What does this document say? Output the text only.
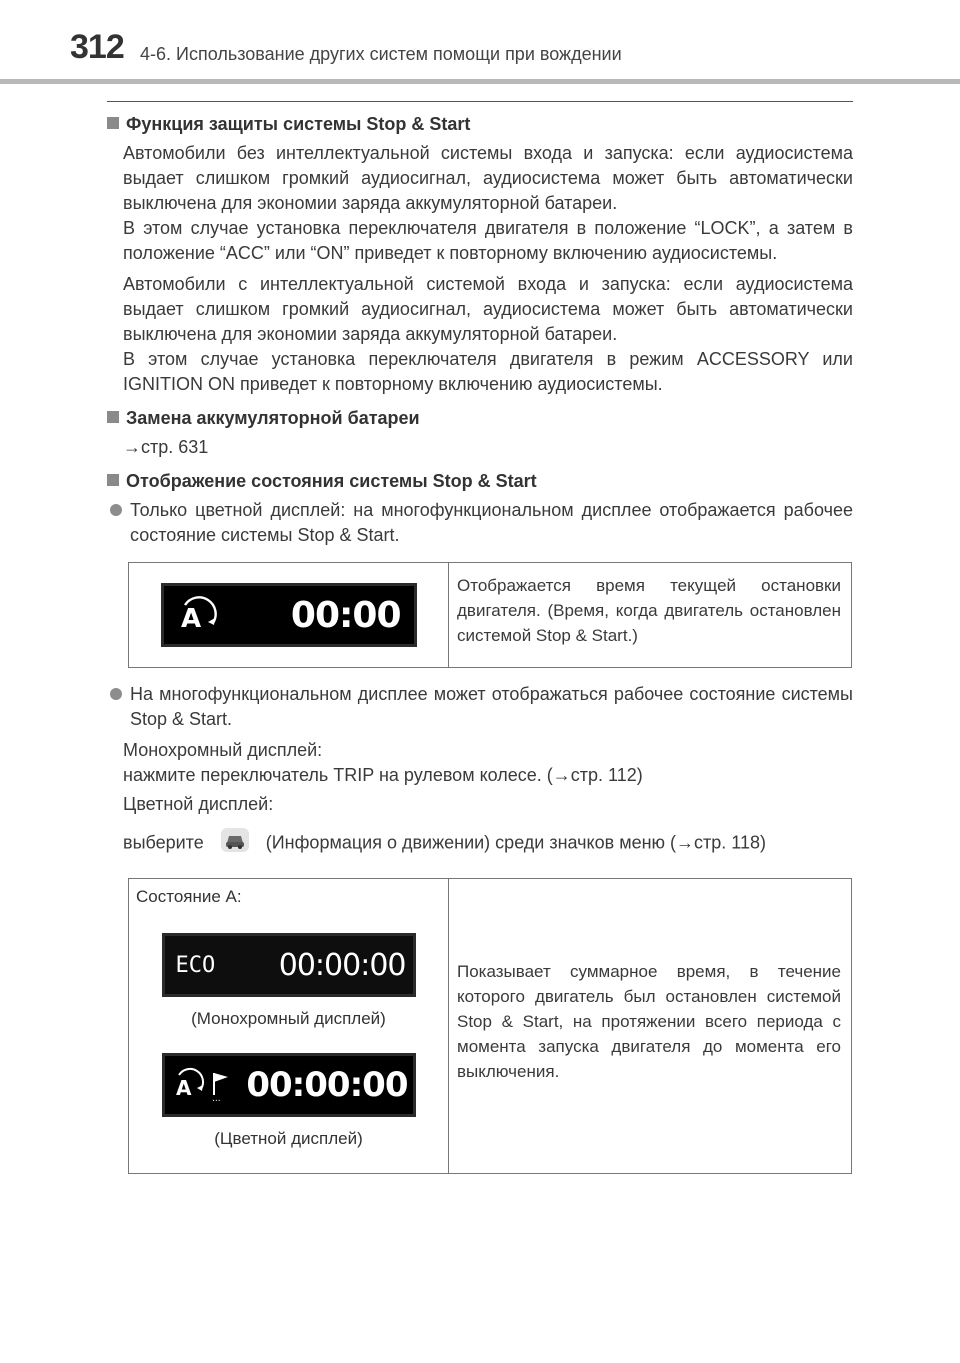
312 4-6. Использование других систем помощи при вождении
Функция защиты системы Stop & Start

Автомобили без интеллектуальной системы входа и запуска: если аудиосистема выдает слишком громкий аудиосигнал, аудиосистема может быть автоматически выключена для экономии заряда аккумуляторной батареи.
В этом случае установка переключателя двигателя в положение “LOCK”, а затем в положение “ACC” или “ON” приведет к повторному включению аудиосистемы.

Автомобили с интеллектуальной системой входа и запуска: если аудиосистема выдает слишком громкий аудиосигнал, аудиосистема может быть автоматически выключена для экономии заряда аккумуляторной батареи.
В этом случае установка переключателя двигателя в режим ACCESSORY или IGNITION ON приведет к повторному включению аудиосистемы.

Замена аккумуляторной батареи

→стр. 631

Отображение состояния системы Stop & Start
Только цветной дисплей: на многофункциональном дисплее отображается рабочее состояние системы Stop & Start.
A	00:00
	Отображается время текущей остановки двигателя. (Время, когда двигатель остановлен системой Stop & Start.)
На многофункциональном дисплее может отображаться рабочее состояние системы Stop & Start.

Монохромный дисплей:
нажмите переключатель TRIP на рулевом колесе. (→стр. 112)

Цветной дисплей:

выберите	(Информация о движении) среди значков меню (→стр. 118)

Состояние A:
ECO 00:00:00
(Монохромный дисплей)
A ... 00:00:00
(Цветной дисплей)
	Показывает суммарное время, в течение которого двигатель был остановлен системой Stop & Start, на протяжении всего периода с момента запуска двигателя до момента его выключения.
